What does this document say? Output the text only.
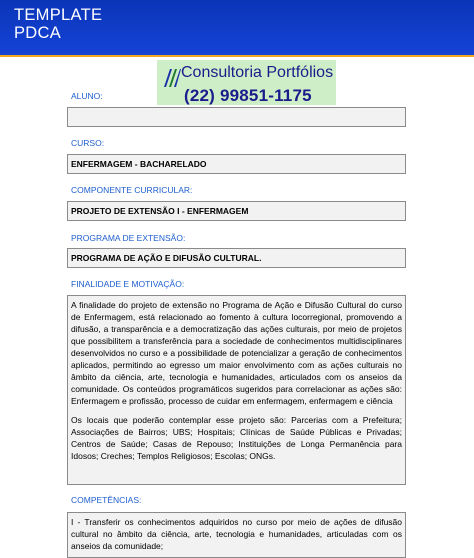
TEMPLATE
PDCA
Consultoria Portfólios
(22) 99851-1175
ALUNO:
CURSO:
ENFERMAGEM - BACHARELADO
COMPONENTE CURRICULAR:
PROJETO DE EXTENSÃO I - ENFERMAGEM
PROGRAMA DE EXTENSÃO:
PROGRAMA DE AÇÃO E DIFUSÃO CULTURAL.
FINALIDADE E MOTIVAÇÃO:

A finalidade do projeto de extensão no Programa de Ação e Difusão Cultural do curso de Enfermagem, está relacionado ao fomento à cultura locorregional, promovendo a difusão, a transparência e a democratização das ações culturais, por meio de projetos que possibilitem a transferência para a sociedade de conhecimentos multidisciplinares desenvolvidos no curso e a possibilidade de potencializar a geração de conhecimentos aplicados, permitindo ao egresso um maior envolvimento com as ações culturais no âmbito da ciência, arte, tecnologia e humanidades, articulados com os anseios da comunidade. Os conteúdos programáticos sugeridos para correlacionar as ações são: Enfermagem e profissão, processo de cuidar em enfermagem, enfermagem e ciência

Os locais que poderão contemplar esse projeto são: Parcerias com a Prefeitura; Associações de Bairros; UBS; Hospitais; Clínicas de Saúde Públicas e Privadas; Centros de Saúde; Casas de Repouso; Instituições de Longa Permanência para Idosos; Creches; Templos Religiosos; Escolas; ONGs.

COMPETÊNCIAS:

I - Transferir os conhecimentos adquiridos no curso por meio de ações de difusão cultural no âmbito da ciência, arte, tecnologia e humanidades, articuladas com os anseios da comunidade;
